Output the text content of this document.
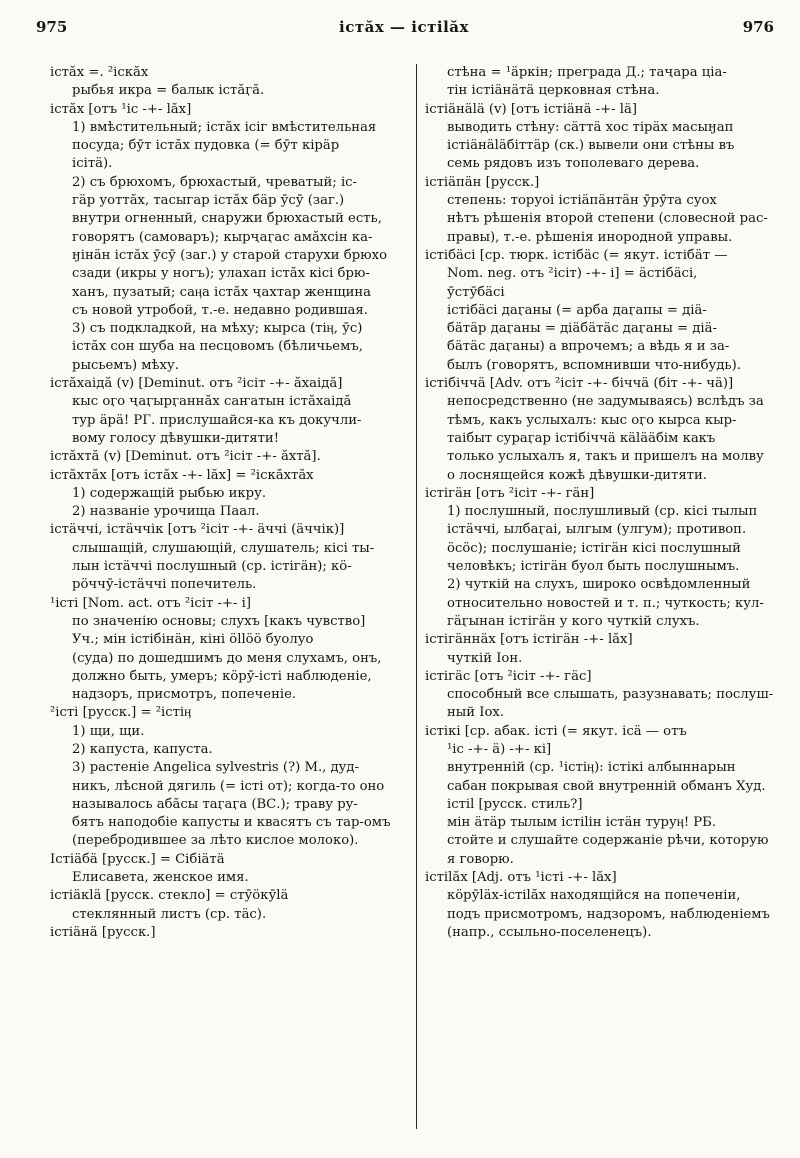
975	істӑх — істіlӑх	976
істӑх =. ²іскӑх
рыбья икра = балык істӑӷӑ.
істӑх [отъ ¹іс -+- lӑх]
1) вмѣстительный; істӑх ісіг вмѣстительная
посуда; бӯт істӑх пудовка (= бӯт кірӓр
ісітӓ).
2) съ брюхомъ, брюхастый, чреватый; іс-
гӓр уоттӑх, тасыгар істӑх бӓр ӯсӯ (заг.)
внутри огненный, снаружи брюхастый есть,
говорятъ (самоваръ); кырҷаӷас амӑхсін ка-
ӈінӓн істӑх ӯсӯ (заг.) у старой старухи брюхо
сзади (икры у ногъ); улахап істӑх кісі брю-
ханъ, пузатый; саӊа істӑх ҷахтар женщина
съ новой утробой, т.-е. недавно родившая.
3) съ подкладкой, на мѣху; кырса (тіӊ, ӯс)
істӑх сон шуба на песцовомъ (бѣличьемъ,
рысьемъ) мѣху.
істӑхаідӑ (v) [Deminut. отъ ²ісіт -+- ӑхаідӑ]
кыс оӷо ҷаӷырӷаннӑх саҥатын істӑхаідӑ
тур ӓрӓ! РГ. прислушайся-ка къ докучли-
вому голосу дѣвушки-дитяти!
істӑхтӑ (v) [Deminut. отъ ²ісіт -+- ӑхтӑ].
істӑхтӑх [отъ істӑх -+- lӑх] = ²іскӑхтӑх
1) содержащій рыбью икру.
2) названіе урочища Паал.
істӓччі, істӓччік [отъ ²ісіт -+- ӓччі (ӓччік)]
слышащій, слушающій, слушатель; кісі ты-
лын істӓччі послушный (ср. істігӓн); кӧ-
рӧччӯ-істӓччі попечитель.
¹істі [Nom. act. отъ ²ісіт -+- і]
по значенію основы; слухъ [какъ чувство]
Уч.; мін істібінӓн, кіні ӧllӧӧ буолуо
(суда) по дошедшимъ до меня слухамъ, онъ,
должно быть, умеръ; кӧрӯ-істі наблюденіе,
надзоръ, присмотръ, попеченіе.
²істі [русск.] = ²істіӊ
1) щи, щи.
2) капуста, капуста.
3) растеніе Angelica sylvestris (?) М., дуд-
никъ, лѣсной дягиль (= істі от); когда-то оно
называлось абӑсы таӷаӷа (ВС.); траву ру-
бятъ наподобіе капусты и квасятъ съ тар-омъ
(перебродившее за лѣто кислое молоко).
Істіӓбӓ [русск.] = Сібіӓтӓ
Елисавета, женское имя.
істіӓкlӓ [русск. стекло] = стӯӧкӯlӓ
стеклянный листъ (ср. тӓс).
істіӓнӓ [русск.]
стѣна = ¹ӓркін; преграда Д.; таҷара ціа-
тін істіӓнӓтӓ церковная стѣна.
істіӓнӓlӓ (v) [отъ істіӓнӓ -+- lӓ]
выводить стѣну: сӓттӓ хос тірӓх масыӈап
істіӓнӓlӓбіттӓр (ск.) вывели они стѣны въ
семь рядовъ изъ тополеваго дерева.
істіӓпӓн [русск.]
степень: торуоі істіӓпӓнтӓн ӯрӯта суох
нѣтъ рѣшенія второй степени (словесной рас-
правы), т.-е. рѣшенія инородной управы.
істібӓсі [ср. тюрк. істібӓс (= якут. істібӓт —
Nom. neg. отъ ²ісіт) -+- і] = ӓстібӓсі,
ӯстӯбӓсі
істібӓсі даӷаны (= арба даӷапы = діӓ-
бӓтӓр даӷаны = діӓбӓтӓс даӷаны = діӓ-
бӓтӓс даӷаны) а впрочемъ; а вѣдь я и за-
былъ (говорятъ, вспомнивши что-нибудь).
істібіччӓ [Adv. отъ ²ісіт -+- біччӓ (біт -+- чӓ)]
непосредственно (не задумываясь) вслѣдъ за
тѣмъ, какъ услыхалъ: кыс оӷо кырса кыр-
таібыт сураӷар істібіччӓ кӓlӓӓбім какъ
только услыхалъ я, такъ и пришелъ на молву
о лоснящейся кожѣ дѣвушки-дитяти.
істігӓн [отъ ²ісіт -+- гӓн]
1) послушный, послушливый (ср. кісі тылып
істӓччі, ылбаӷаі, ылгым (улгум); противоп.
ӧсӧс); послушаніе; істігӓн кісі послушный
человѣкъ; істігӓн буол быть послушнымъ.
2) чуткій на слухъ, широко освѣдомленный
относительно новостей и т. п.; чуткость; кул-
гӓӷынан істігӓн у кого чуткій слухъ.
істігӓннӓх [отъ істігӓн -+- lӑх]
чуткій Іон.
істігӓс [отъ ²ісіт -+- гӓс]
способный все слышать, разузнавать; послуш-
ный Іох.
істікі [ср. абак. істі (= якут. ісӓ — отъ
¹іс -+- ӓ) -+- кі]
внутренній (ср. ¹істіӊ): істікі албыннарын
сабан покрывая свой внутренній обманъ Худ.
істіl [русск. стиль?]
мін ӓтӓр тылым істіlін істӓн туруӊ! РБ.
стойте и слушайте содержаніе рѣчи, которую
я говорю.
істіlӑх [Adj. отъ ¹істі -+- lӑх]
кӧрӯlӓх-істіlӑх находящійся на попеченіи,
подъ присмотромъ, надзоромъ, наблюденіемъ
(напр., ссыльно-поселенецъ).
